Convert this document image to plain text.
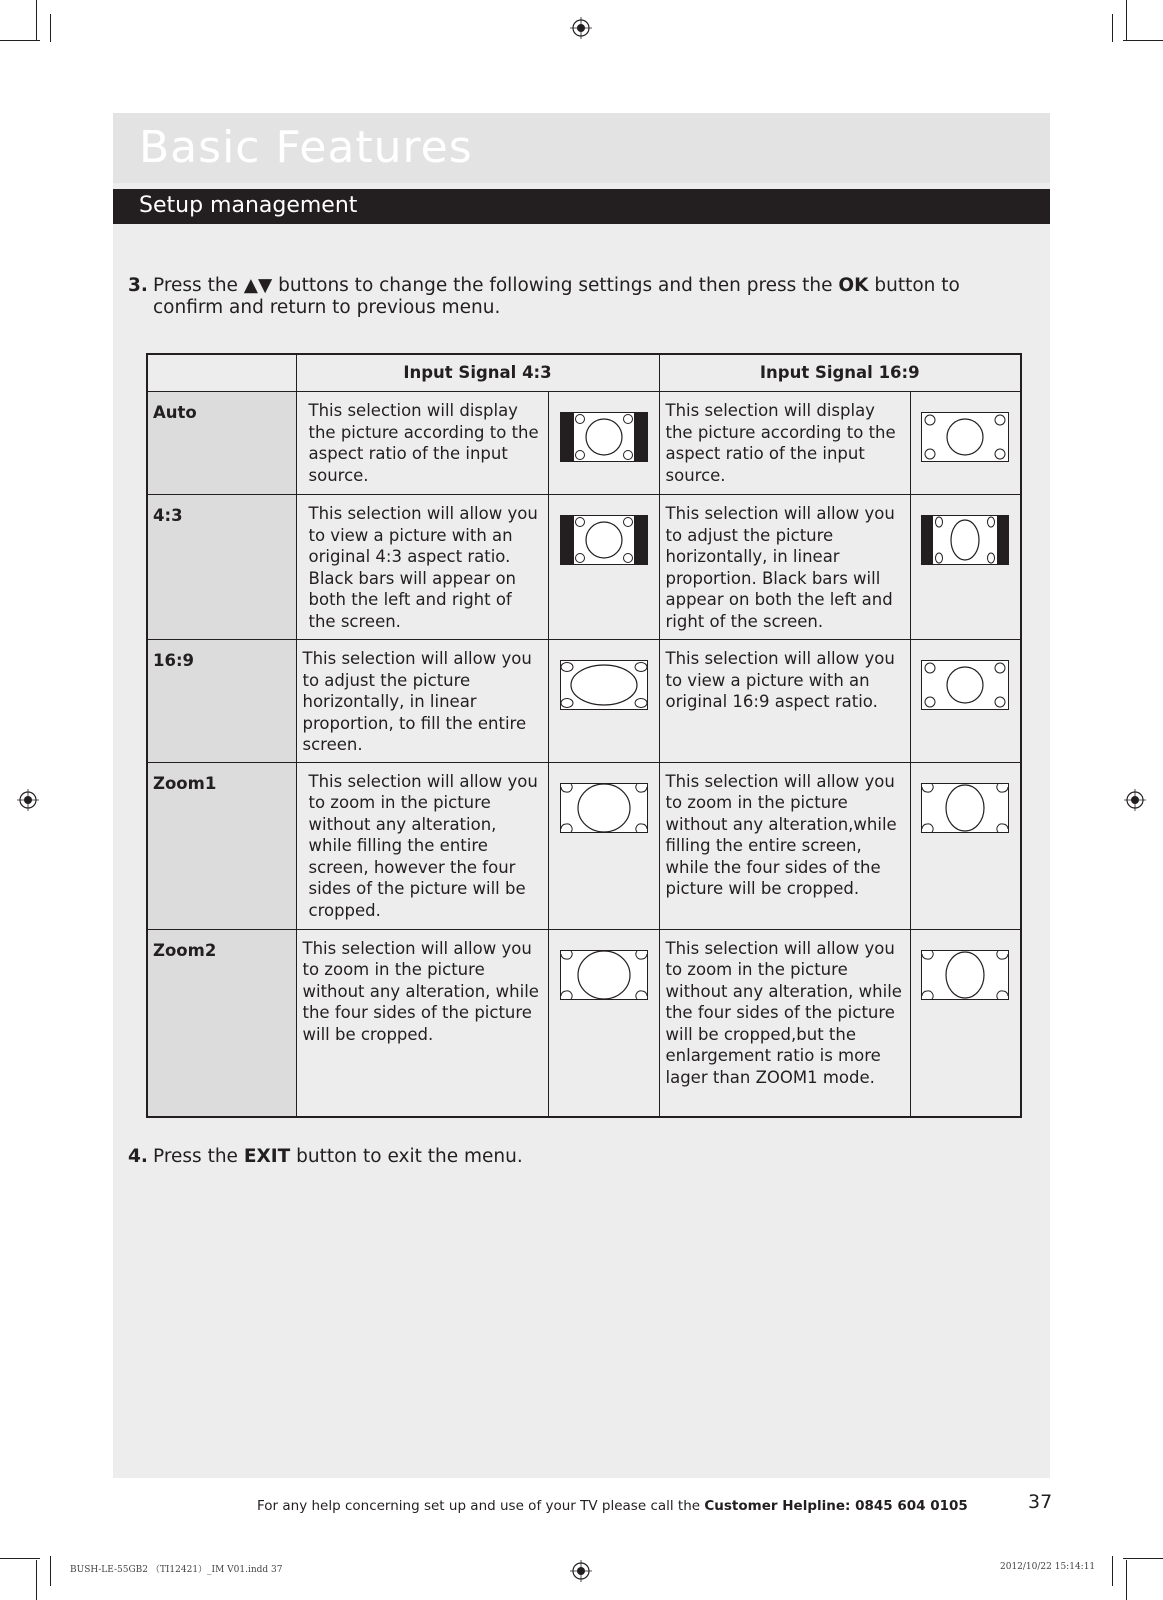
Basic Features
Setup management
3. Press the ▲▼ buttons to change the following settings and then press the OK button to confirm and return to previous menu.
	Input Signal 4:3		Input Signal 16:9	
Auto	This selection will display the picture according to the aspect ratio of the input source.		This selection will display the picture according to the aspect ratio of the input source.	
4:3	This selection will allow you to view a picture with an original 4:3 aspect ratio. Black bars will appear on both the left and right of the screen.		This selection will allow you to adjust the picture horizontally, in linear proportion. Black bars will appear on both the left and right of the screen.	
16:9	This selection will allow you to adjust the picture horizontally, in linear proportion, to fill the entire screen.		This selection will allow you to view a picture with an original 16:9 aspect ratio.	
Zoom1	This selection will allow you to zoom in the picture without any alteration, while filling the entire screen, however the four sides of the picture will be cropped.		This selection will allow you to zoom in the picture without any alteration,while filling the entire screen, while the four sides of the picture will be cropped.	
Zoom2	This selection will allow you to zoom in the picture without any alteration, while the four sides of the picture will be cropped.		This selection will allow you to zoom in the picture without any alteration, while the four sides of the picture will be cropped,but the enlargement ratio is more lager than ZOOM1 mode.	
4. Press the EXIT button to exit the menu.
For any help concerning set up and use of your TV please call the Customer Helpline: 0845 604 0105	37
BUSH-LE-55GB2 （TI12421）_IM V01.indd 37	2012/10/22 15:14:11
